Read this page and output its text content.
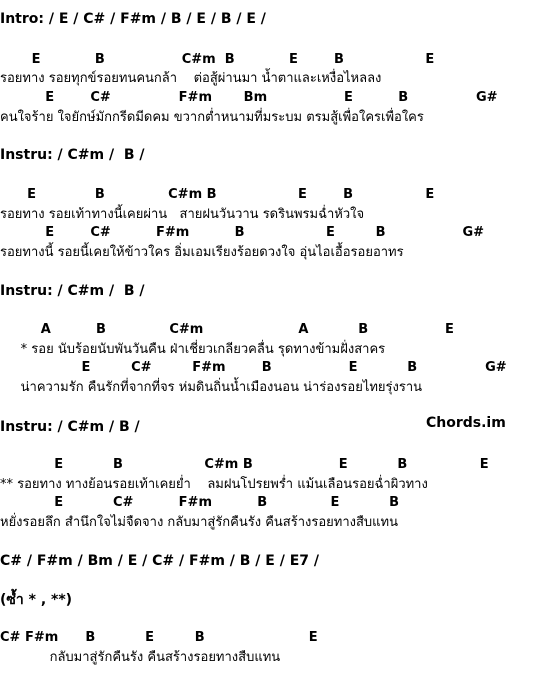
Intro: / E / C# / F#m / B / E / B / E /
E            B                 C#m  B            E        B                  E
รอยทาง รอยทุกข์รอยทนคนกล้า    ต่อสู้ผ่านมา น้ำตาและเหงื่อไหลลง
E        C#               F#m       Bm                 E          B               G#
คนใจร้าย ใจยักษ์มักกรีดมีดคม ขวากต่ำหนามที่มระบม ตรมสู้เพื่อใครเพื่อใคร
Instru: / C#m /  B /
E             B              C#m B                  E        B                E
รอยทาง รอยเท้าทางนี้เคยผ่าน   สายฝนวันวาน รดรินพรมฉ่ำหัวใจ
E        C#          F#m          B                  E         B                 G#
รอยทางนี้ รอยนี้เคยให้ข้าวใคร อิ่มเอมเรียงร้อยดวงใจ อุ่นไอเอื้อรอยอาทร
Instru: / C#m /  B /
A          B              C#m                     A           B                 E
* รอย นับร้อยนับพันวันคืน ฝ่าเชี่ยวเกลียวคลื่น รุดทางข้ามฝั่งสาคร
E         C#         F#m        B                 E           B               G#
น่าความรัก คืนรักที่จากที่จร ห่มดินถิ่นน้ำเมืองนอน น่าร่องรอยไทยรุ่งราน
Instru: / C#m / B /	Chords.im
E           B                  C#m B                   E           B                E
** รอยทาง ทางย้อนรอยเท้าเคยย่ำ    ลมฝนโปรยพร่ำ แม้นเลือนรอยฉ่ำผิวทาง
E           C#          F#m          B              E           B
หยั่งรอยลึก สำนึกใจไม่จืดจาง กลับมาสู่รักคืนรัง คืนสร้างรอยทางสืบแทน
C# / F#m / Bm / E / C# / F#m / B / E / E7 /
(ซ้ำ * , **)
C# F#m      B           E         B                       E
กลับมาสู่รักคืนรัง คืนสร้างรอยทางสืบแทน
